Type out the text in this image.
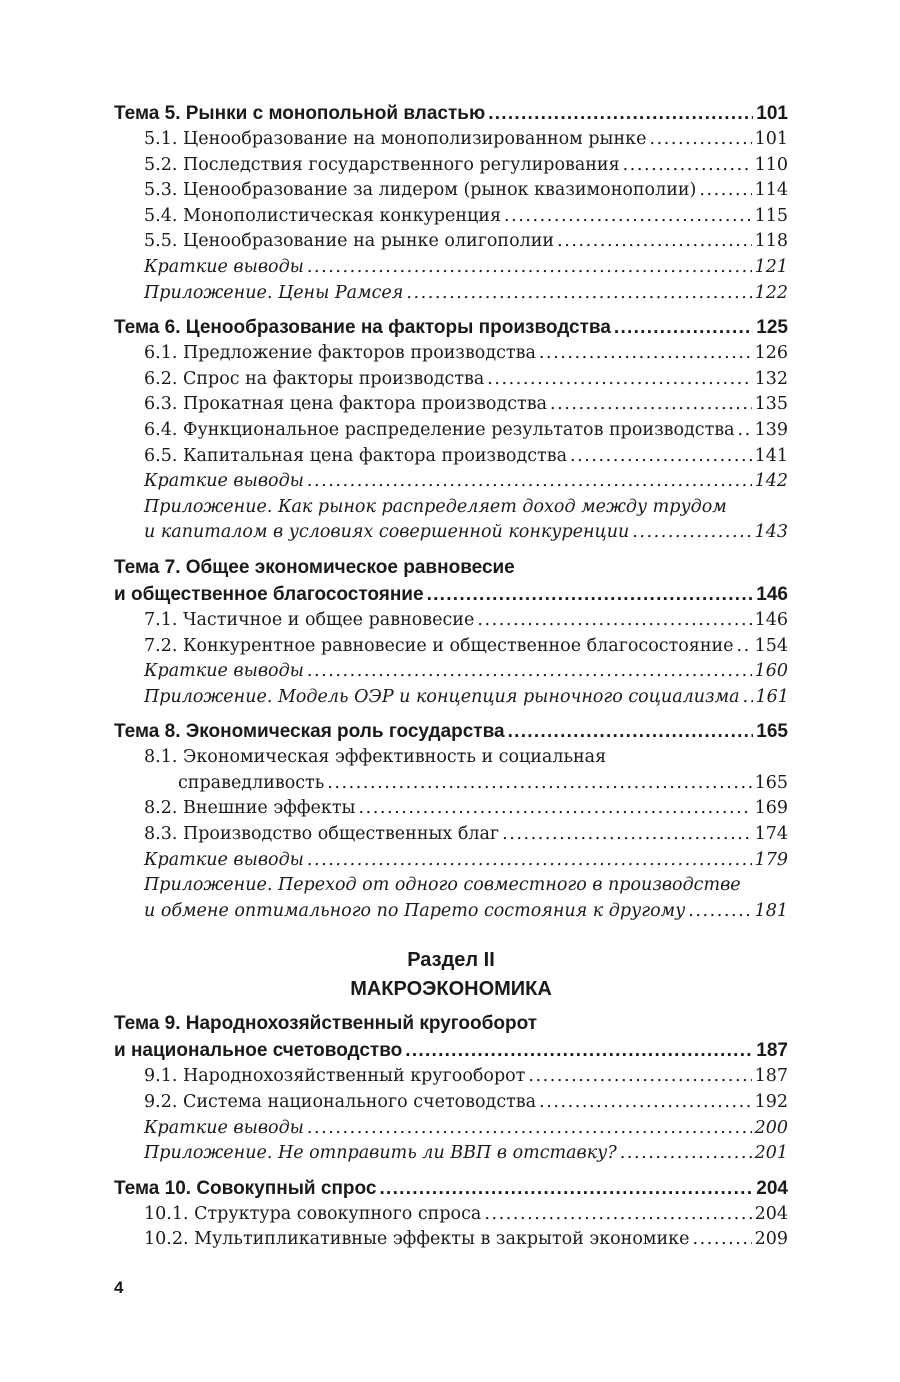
Тема 5. Рынки с монопольной властью . . .	101
5.1. Ценообразование на монополизированном рынке . . .	101
5.2. Последствия государственного регулирования . . .	110
5.3. Ценообразование за лидером (рынок квазимонополии) . . .	114
5.4. Монополистическая конкуренция . . .	115
5.5. Ценообразование на рынке олигополии . . .	118
Краткие выводы . . .	121
Приложение. Цены Рамсея . . .	122
Тема 6. Ценообразование на факторы производства . . .	125
6.1. Предложение факторов производства . . .	126
6.2. Спрос на факторы производства . . .	132
6.3. Прокатная цена фактора производства . . .	135
6.4. Функциональное распределение результатов производства . . . 139
6.5. Капитальная цена фактора производства . . .	141
Краткие выводы . . .	142
Приложение. Как рынок распределяет доход между трудом
и капиталом в условиях совершенной конкуренции . . .	143
Тема 7. Общее экономическое равновесие
и общественное благосостояние . . .	146
7.1. Частичное и общее равновесие . . .	146
7.2. Конкурентное равновесие и общественное благосостояние . . . 154
Краткие выводы . . .	160
Приложение. Модель ОЭР и концепция рыночного социализма . . . 161
Тема 8. Экономическая роль государства . . .	165
8.1. Экономическая эффективность и социальная
справедливость . . .	165
8.2. Внешние эффекты . . .	169
8.3. Производство общественных благ . . .	174
Краткие выводы . . .	179
Приложение. Переход от одного совместного в производстве
и обмене оптимального по Парето состояния к другому . . .	181
Раздел II
МАКРОЭКОНОМИКА
Тема 9. Народнохозяйственный кругооборот
и национальное счетоводство . . .	187
9.1. Народнохозяйственный кругооборот . . .	187
9.2. Система национального счетоводства . . .	192
Краткие выводы . . .	200
Приложение. Не отправить ли ВВП в отставку? . . .	201
Тема 10. Совокупный спрос . . .	204
10.1. Структура совокупного спроса . . .	204
10.2. Мультипликативные эффекты в закрытой экономике . . .	209
4
